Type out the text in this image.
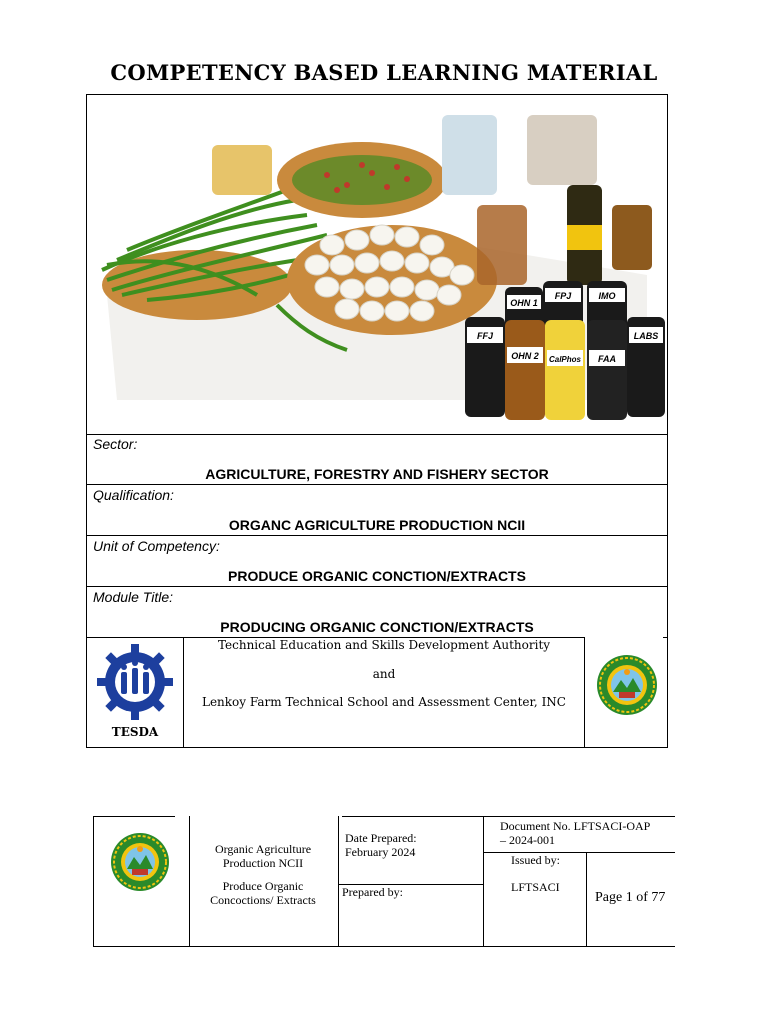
COMPETENCY BASED LEARNING MATERIAL
OHN 1
FPJ	IMO
FFJ
OHN 2 CalPhos FAA
LABS
Sector:
AGRICULTURE, FORESTRY AND FISHERY SECTOR
Qualification:
ORGANC AGRICULTURE PRODUCTION NCII
Unit of Competency:
PRODUCE ORGANIC CONCTION/EXTRACTS
Module Title:
PRODUCING ORGANIC CONCTION/EXTRACTS
TESDA
Technical Education and Skills Development Authority
and
Lenkoy Farm Technical School and Assessment Center, INC
Organic Agriculture Production NCII
Produce Organic Concoctions/ Extracts
Date Prepared:
February 2024
Prepared by:
Document No. LFTSACI-OAP
– 2024-001
Issued by:
LFTSACI
Page 1 of 77
